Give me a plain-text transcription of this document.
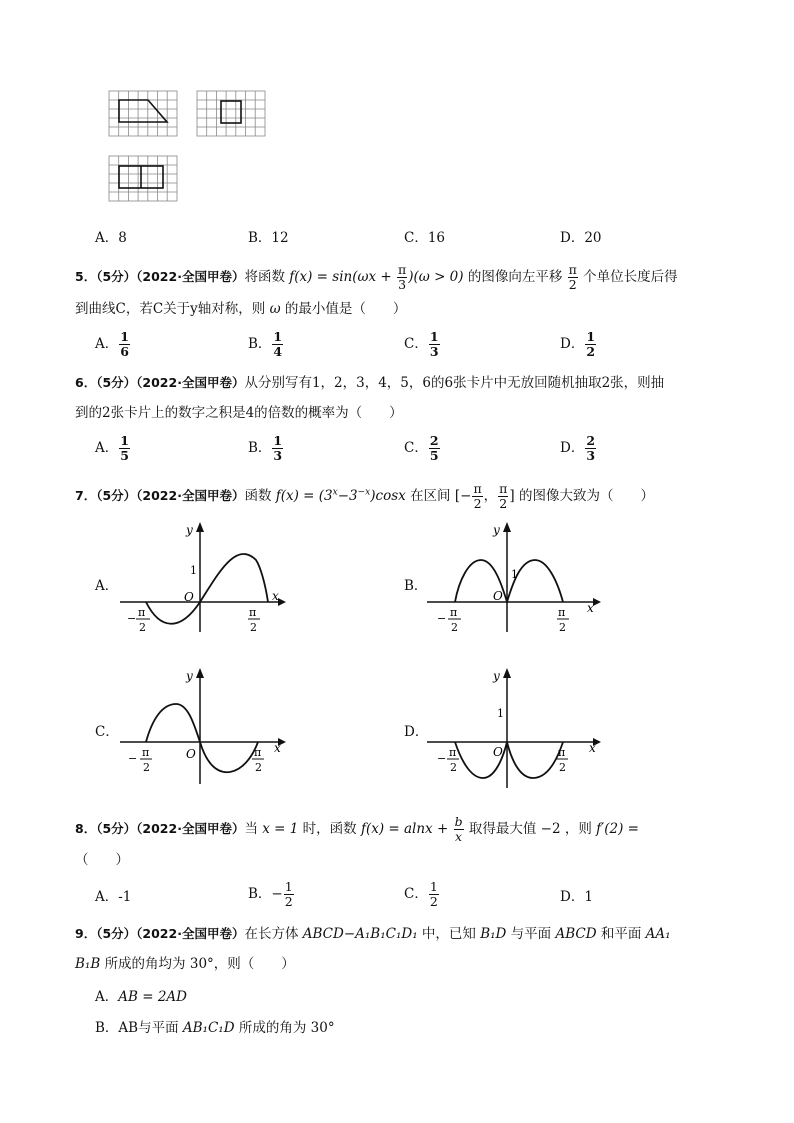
A．8	B．12	C．16	D．20
5．（5分）（2022·全国甲卷）将函数 $f(x) = \sin(\omega x + \frac{\pi}{3} )(\omega > 0)$ 的图像向左平移 $\frac{\pi}{2}$ 个单位长度后得
到曲线C，若C关于y轴对称，则 ω 的最小值是（　　）
A． $\frac{1}{6}$	B． $\frac{1}{4}$	C． $\frac{1}{3}$	D． $\frac{1}{2}$
6．（5分）（2022·全国甲卷）从分别写有1，2，3，4，5，6的6张卡片中无放回随机抽取2张，则抽
到的2张卡片上的数字之积是4的倍数的概率为（　　）
A． $\frac{1}{5}$	B． $\frac{1}{3}$	C． $\frac{2}{5}$	D． $\frac{2}{3}$
7．（5分）（2022·全国甲卷）函数 $f(x) = (3^x-3^{-x})\cos x$ 在区间 [− $\frac{\pi}{2}$ ， $\frac{\pi}{2}$ ] 的图像大致为（　　）
A．	B．
C．	D．
y
x
O
1
π
−
2
π
2
y
x
O
1
− π
2
π
2
y
x
O
− π
2
π
2
y
x
O
1
− π
2
π
2
8．（5分）（2022·全国甲卷）当 x = 1 时，函数 $f(x) = alnx + \frac{b}{x}$ 取得最大值 −2 ，则 f′(2) =
（　　）
A．-1	B．− $\frac{1}{2}$	C． $\frac{1}{2}$	D．1
9．（5分）（2022·全国甲卷）在长方体 ABCD−A₁B₁C₁D₁ 中，已知 B₁D 与平面 ABCD 和平面 AA₁
B₁B 所成的角均为 30°，则（　　）
A．AB = 2AD
B．AB与平面 AB₁C₁D 所成的角为 30°
